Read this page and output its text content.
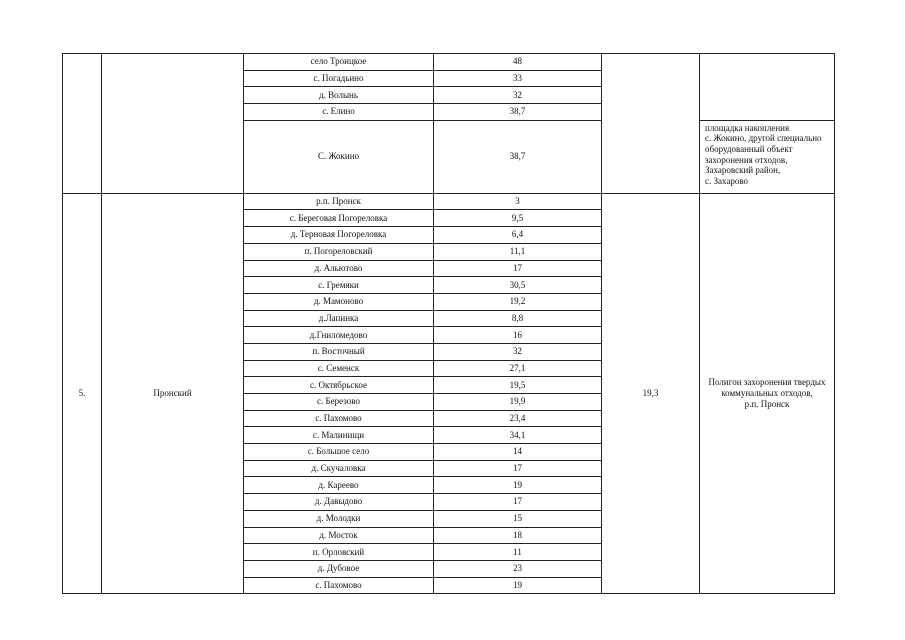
		село Троицкое	48		
		с. Погадьино	33		
		д. Волынь	32		
		с. Елино	38,7		
		С. Жокино	38,7		площадка накопления
с. Жокино, другой специально оборудованный объект захоронения отходов,
Захаровский район,
с. Захарово
5.	Пронский	р.п. Пронск	3	19,3	Полигон захоронения твердых коммунальных отходов,
р.п. Пронск
		с. Береговая Погореловка	9,5		
		д. Терновая Погореловка	6,4		
		п. Погореловский	11,1		
		д. Альютово	17		
		с. Гремяки	30,5		
		д. Мамоново	19,2		
		д.Лапинка	8,8		
		д.Гниломедово	16		
		п. Восточный	32		
		с. Семенск	27,1		
		с. Октябрьское	19,5		
		с. Березово	19,9		
		с. Пахомово	23,4		
		с. Малинищи	34,1		
		с. Большое село	14		
		д. Скучаловка	17		
		д. Кареево	19		
		д. Давыдово	17		
		д. Молодки	15		
		д. Мосток	18		
		п. Орловский	11		
		д. Дубовое	23		
		с. Пахомово	19		
